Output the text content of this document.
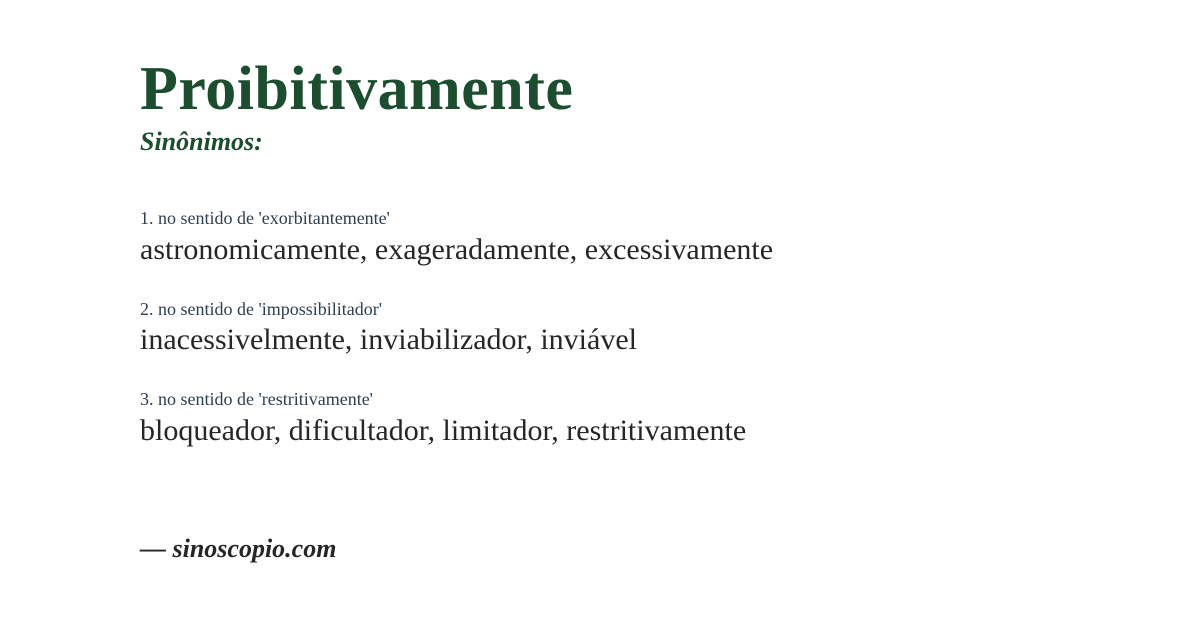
Proibitivamente
Sinônimos:
1. no sentido de 'exorbitantemente'
astronomicamente, exageradamente, excessivamente
2. no sentido de 'impossibilitador'
inacessivelmente, inviabilizador, inviável
3. no sentido de 'restritivamente'
bloqueador, dificultador, limitador, restritivamente
— sinoscopio.com
